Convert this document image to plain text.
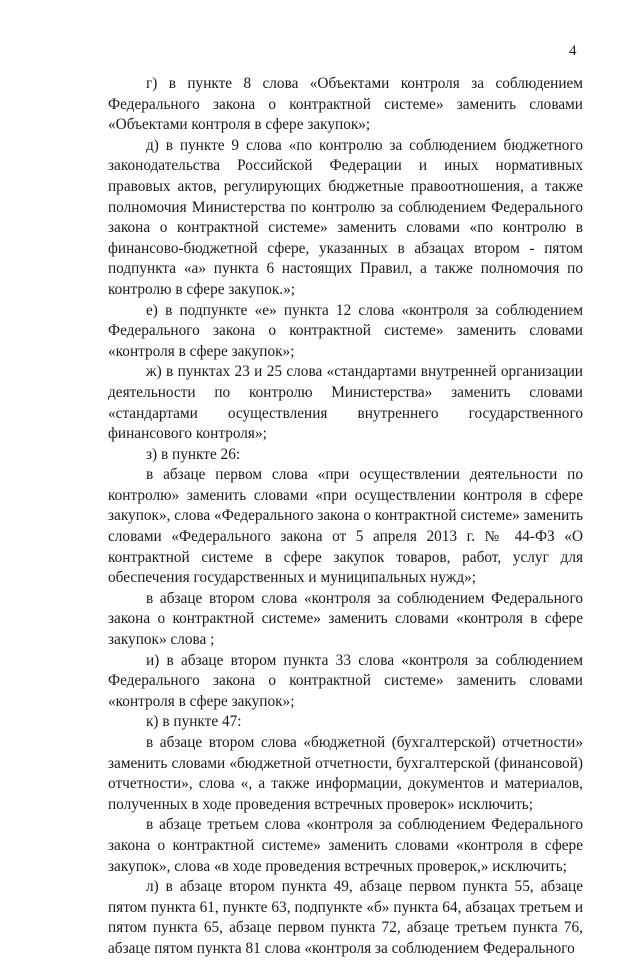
4

г) в пункте 8 слова «Объектами контроля за соблюдением Федерального закона о контрактной системе» заменить словами «Объектами контроля в сфере закупок»;

д) в пункте 9 слова «по контролю за соблюдением бюджетного законодательства Российской Федерации и иных нормативных правовых актов, регулирующих бюджетные правоотношения, а также полномочия Министерства по контролю за соблюдением Федерального закона о контрактной системе» заменить словами «по контролю в финансово-бюджетной сфере, указанных в абзацах втором - пятом подпункта «а» пункта 6 настоящих Правил, а также полномочия по контролю в сфере закупок.»;

е) в подпункте «е» пункта 12 слова «контроля за соблюдением Федерального закона о контрактной системе» заменить словами «контроля в сфере закупок»;

ж) в пунктах 23 и 25 слова «стандартами внутренней организации деятельности по контролю Министерства» заменить словами «стандартами осуществления внутреннего государственного финансового контроля»;

з) в пункте 26:

в абзаце первом слова «при осуществлении деятельности по контролю» заменить словами «при осуществлении контроля в сфере закупок», слова «Федерального закона о контрактной системе» заменить словами «Федерального закона от 5 апреля 2013 г. № 44-ФЗ «О контрактной системе в сфере закупок товаров, работ, услуг для обеспечения государственных и муниципальных нужд»;

в абзаце втором слова «контроля за соблюдением Федерального закона о контрактной системе» заменить словами «контроля в сфере закупок» слова ;

и) в абзаце втором пункта 33 слова «контроля за соблюдением Федерального закона о контрактной системе» заменить словами «контроля в сфере закупок»;

к) в пункте 47:

в абзаце втором слова «бюджетной (бухгалтерской) отчетности» заменить словами «бюджетной отчетности, бухгалтерской (финансовой) отчетности», слова «, а также информации, документов и материалов, полученных в ходе проведения встречных проверок» исключить;

в абзаце третьем слова «контроля за соблюдением Федерального закона о контрактной системе» заменить словами «контроля в сфере закупок», слова «в ходе проведения встречных проверок,» исключить;

л) в абзаце втором пункта 49, абзаце первом пункта 55, абзаце пятом пункта 61, пункте 63, подпункте «б» пункта 64, абзацах третьем и пятом пункта 65, абзаце первом пункта 72, абзаце третьем пункта 76, абзаце пятом пункта 81 слова «контроля за соблюдением Федерального
